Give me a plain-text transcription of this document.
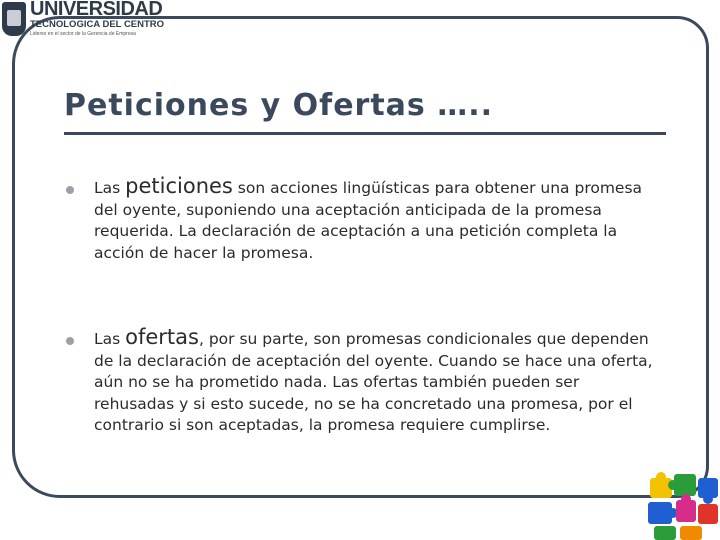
UNIVERSIDAD
TECNOLOGICA DEL CENTRO
Lideres en el sector de la Gerencia de Empresa
Peticiones y Ofertas …..
Las peticiones son acciones lingüísticas para obtener una promesa del oyente, suponiendo una aceptación anticipada de la promesa requerida. La declaración de aceptación a una petición completa la acción de hacer la promesa.
Las ofertas, por su parte, son promesas condicionales que dependen de la declaración de aceptación del oyente. Cuando se hace una oferta, aún no se ha prometido nada. Las ofertas también pueden ser rehusadas y si esto sucede, no se ha concretado una promesa, por el contrario si son aceptadas, la promesa requiere cumplirse.
